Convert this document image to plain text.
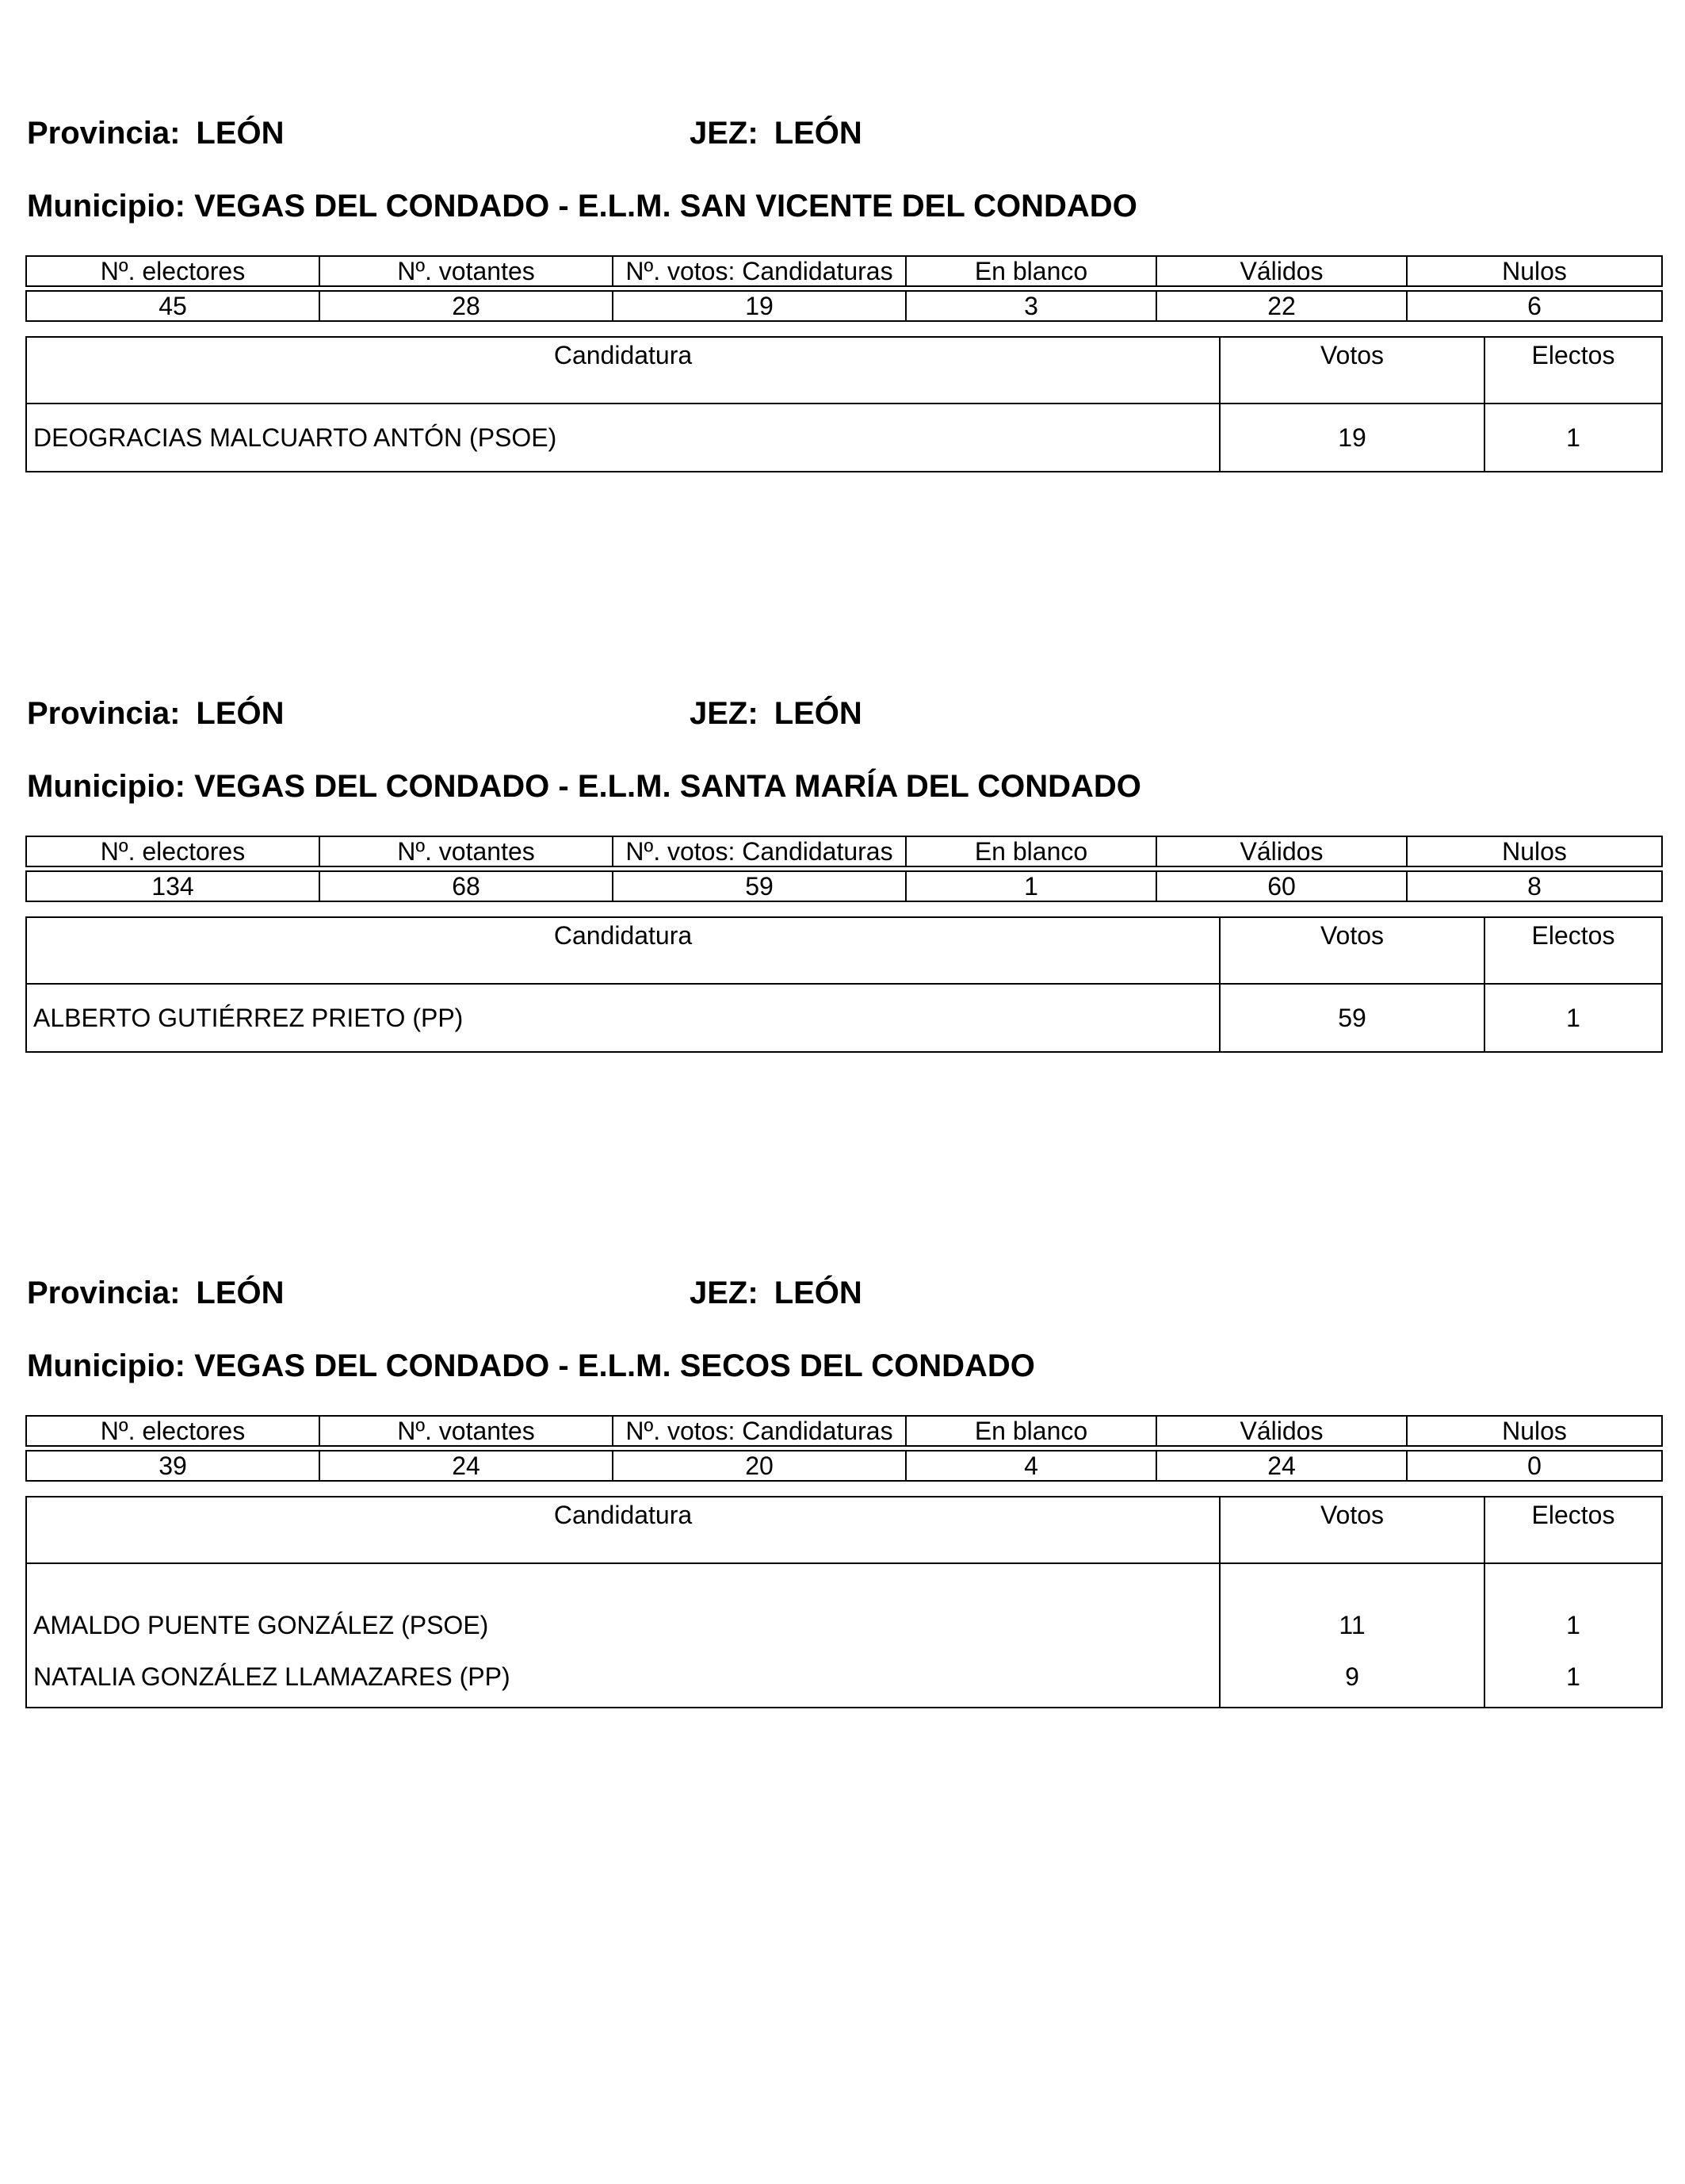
Provincia: LEÓN	JEZ: LEÓN
Municipio: VEGAS DEL CONDADO - E.L.M. SAN VICENTE DEL CONDADO
Nº. electores	Nº. votantes	Nº. votos: Candidaturas	En blanco	Válidos	Nulos

45	28	19	3	22	6
Candidatura	Votos	Electos
DEOGRACIAS MALCUARTO ANTÓN (PSOE)	19	1
Provincia: LEÓN	JEZ: LEÓN
Municipio: VEGAS DEL CONDADO - E.L.M. SANTA MARÍA DEL CONDADO
Nº. electores	Nº. votantes	Nº. votos: Candidaturas	En blanco	Válidos	Nulos

134	68	59	1	60	8
Candidatura	Votos	Electos
ALBERTO GUTIÉRREZ PRIETO (PP)	59	1
Provincia: LEÓN	JEZ: LEÓN
Municipio: VEGAS DEL CONDADO - E.L.M. SECOS DEL CONDADO
Nº. electores	Nº. votantes	Nº. votos: Candidaturas	En blanco	Válidos	Nulos

39	24	20	4	24	0
Candidatura	Votos	Electos
AMALDO PUENTE GONZÁLEZ (PSOE)	11	1
NATALIA GONZÁLEZ LLAMAZARES (PP)	9	1
